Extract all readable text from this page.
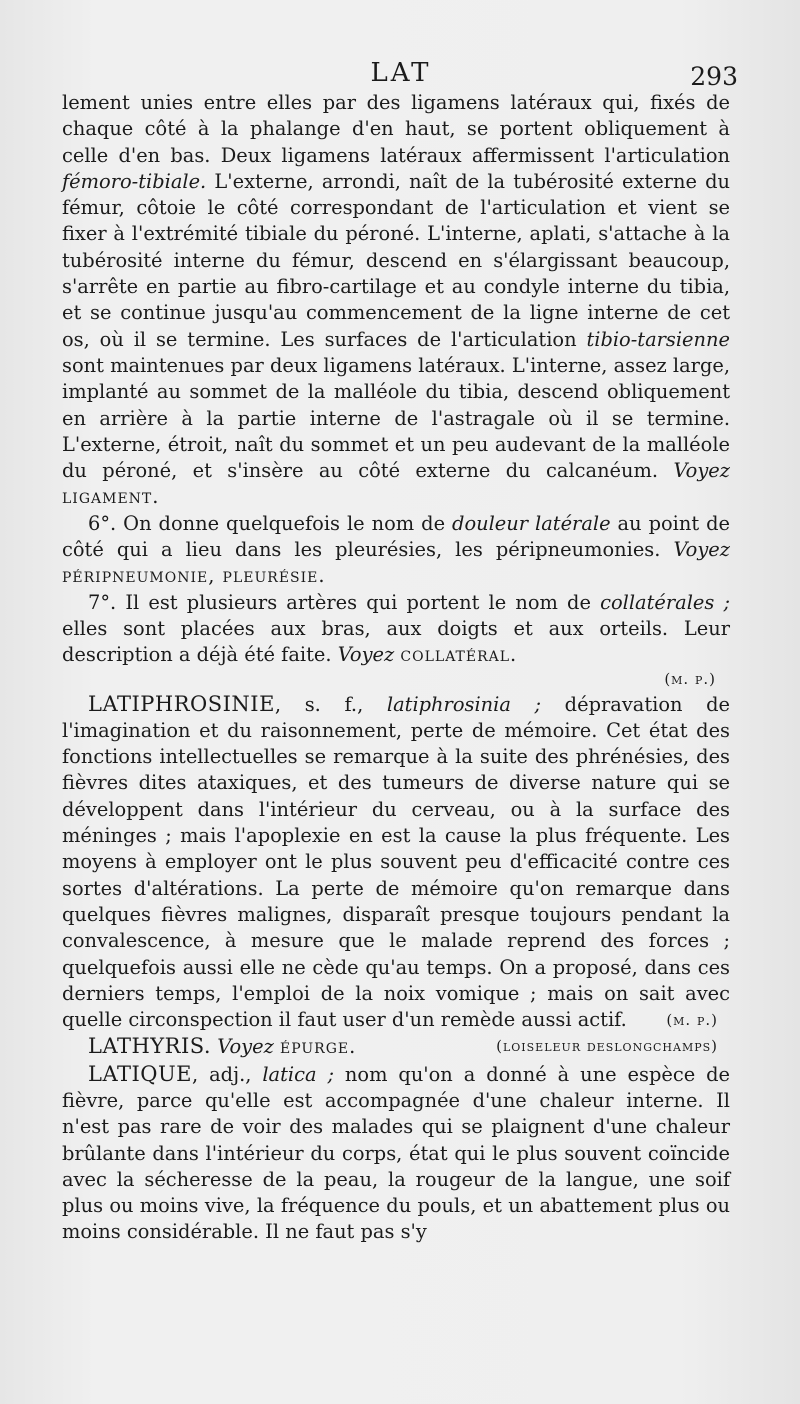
LAT	293

lement unies entre elles par des ligamens latéraux qui, fixés de chaque côté à la phalange d'en haut, se portent obliquement à celle d'en bas. Deux ligamens latéraux affermissent l'articulation fémoro-tibiale. L'externe, arrondi, naît de la tubérosité externe du fémur, côtoie le côté correspondant de l'articulation et vient se fixer à l'extrémité tibiale du péroné. L'interne, aplati, s'attache à la tubérosité interne du fémur, descend en s'élargissant beaucoup, s'arrête en partie au fibro-cartilage et au condyle interne du tibia, et se continue jusqu'au commencement de la ligne interne de cet os, où il se termine. Les surfaces de l'articulation tibio-tarsienne sont maintenues par deux ligamens latéraux. L'interne, assez large, implanté au sommet de la malléole du tibia, descend obliquement en arrière à la partie interne de l'astragale où il se termine. L'externe, étroit, naît du sommet et un peu audevant de la malléole du péroné, et s'insère au côté externe du calcanéum. Voyez ligament.

6°. On donne quelquefois le nom de douleur latérale au point de côté qui a lieu dans les pleurésies, les péripneumonies. Voyez péripneumonie, pleurésie.

7°. Il est plusieurs artères qui portent le nom de collatérales ; elles sont placées aux bras, aux doigts et aux orteils. Leur description a déjà été faite. Voyez collatéral.

(m. p.)

LATIPHROSINIE, s. f., latiphrosinia ; dépravation de l'imagination et du raisonnement, perte de mémoire. Cet état des fonctions intellectuelles se remarque à la suite des phrénésies, des fièvres dites ataxiques, et des tumeurs de diverse nature qui se développent dans l'intérieur du cerveau, ou à la surface des méninges ; mais l'apoplexie en est la cause la plus fréquente. Les moyens à employer ont le plus souvent peu d'efficacité contre ces sortes d'altérations. La perte de mémoire qu'on remarque dans quelques fièvres malignes, disparaît presque toujours pendant la convalescence, à mesure que le malade reprend des forces ; quelquefois aussi elle ne cède qu'au temps. On a proposé, dans ces derniers temps, l'emploi de la noix vomique ; mais on sait avec quelle circonspection il faut user d'un remède aussi actif.	(m. p.)

LATHYRIS. Voyez épurge.	(loiseleur deslongchamps)

LATIQUE, adj., latica ; nom qu'on a donné à une espèce de fièvre, parce qu'elle est accompagnée d'une chaleur interne. Il n'est pas rare de voir des malades qui se plaignent d'une chaleur brûlante dans l'intérieur du corps, état qui le plus souvent coïncide avec la sécheresse de la peau, la rougeur de la langue, une soif plus ou moins vive, la fréquence du pouls, et un abattement plus ou moins considérable. Il ne faut pas s'y
